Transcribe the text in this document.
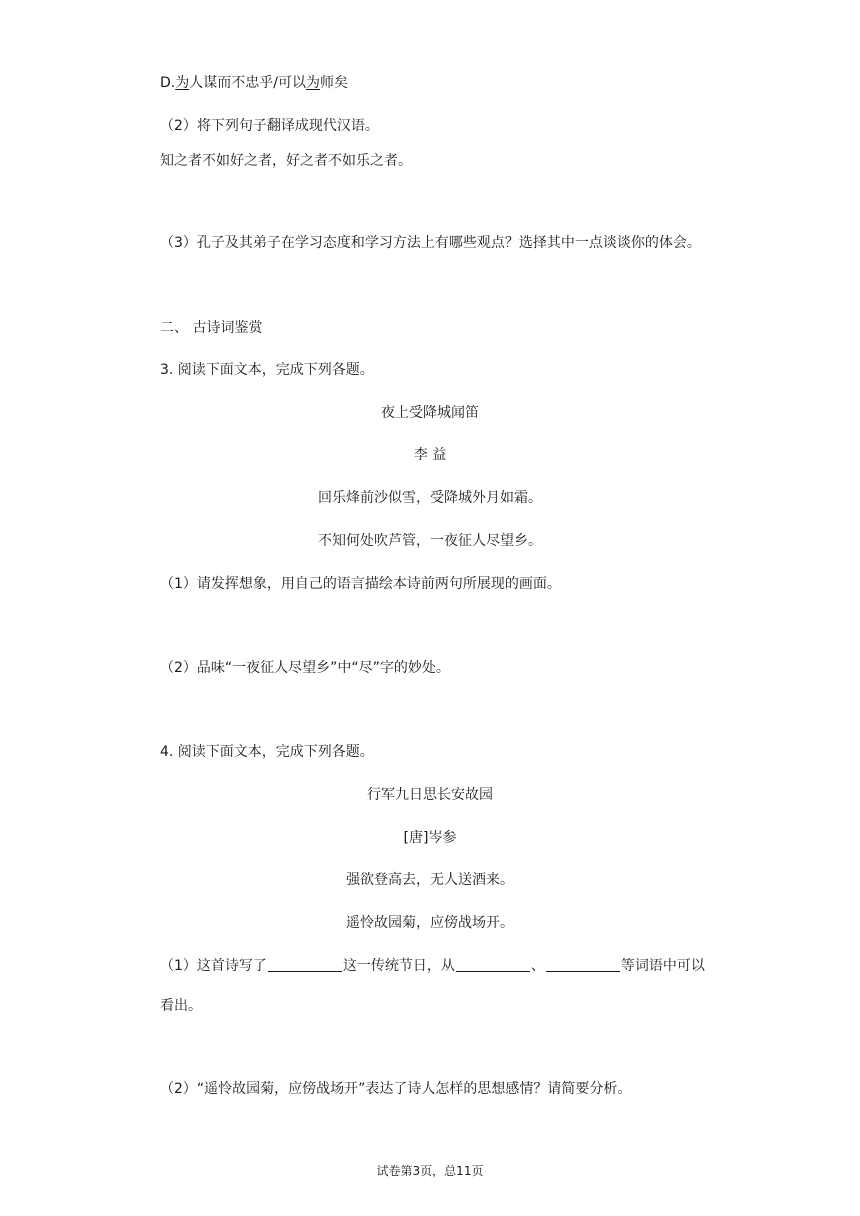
D.为人谋而不忠乎/可以为师矣
（2）将下列句子翻译成现代汉语。
知之者不如好之者，好之者不如乐之者。
（3）孔子及其弟子在学习态度和学习方法上有哪些观点？选择其中一点谈谈你的体会。
二、 古诗词鉴赏
3. 阅读下面文本，完成下列各题。
夜上受降城闻笛
李 益
回乐烽前沙似雪，受降城外月如霜。
不知何处吹芦管，一夜征人尽望乡。
（1）请发挥想象，用自己的语言描绘本诗前两句所展现的画面。
（2）品味“一夜征人尽望乡”中“尽”字的妙处。
4. 阅读下面文本，完成下列各题。
行军九日思长安故园
[唐]岑参
强欲登高去，无人送酒来。
遥怜故园菊，应傍战场开。
（1）这首诗写了	这一传统节日，从	、	等词语中可以
看出。
（2）“遥怜故园菊，应傍战场开”表达了诗人怎样的思想感情？请简要分析。
试卷第3页，总11页
